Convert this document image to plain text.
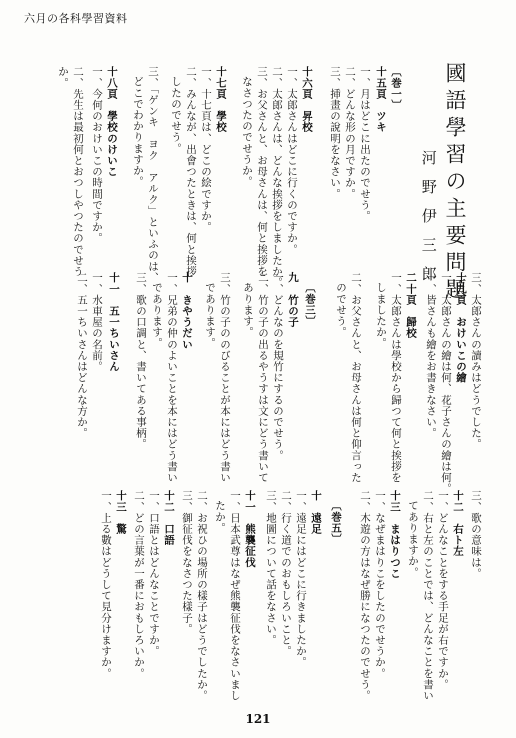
六月の各科學習資料
國語學習の主要問題
河野伊三郎
〔巻一〕
十五頁　ツキ
一、月はどこに出たのでせう。
二、どんな形の月ですか。
三、挿畫の說明をなさい。
十六頁　昇校
一、太郎さんはどこに行くのですか。
二、太郎さんは、どんな挨拶をしましたか。
三、お父さんと、お母さんは、何と挨拶を
なさつたのでせうか。
十七頁　學校
一、十七頁は、どこの絵ですか。
二、みんなが、出會つたときは、何と挨拶
したのでせう。
三、「ゲンキ　ヨク　アルク」といふのは、
どこでわかりますか。
十八頁　學校のけいこ
一、今何のおけいこの時間ですか。
二、先生は最初何とおつしやつたのでせう
か。
三、太郎さんの讀みはどうでした。
十九頁　おけいこの繪
一、太郎さんの繪は何、花子さんの繪は何。
一、皆さんも繪をお書きなさい。
二十頁　歸校
一、太郎さんは學校から歸つて何と挨拶を
しましたか。
二、お父さんと、お母さんは何と仰言った
のでせう。
〔巻三〕
九　竹の子
一、どんなのを規竹にするのでせう。
二、竹の子の出るやうすは文にどう書いて
あります。
三、竹の子ののびることが本にはどう書い
であります。
十　きやうだい
一、兄弟の仲のよいことを本にはどう書い
であります。
三、歌の口調と、書いてある事柄。
十一　五一ちいさん
一、水車屋の名前。
二、五一ちいさんはどんな方か。
三、歌の意味は。
十二　右ト左
一、どんなことをする手足が右ですか。
二、右と左のことでは、どんなことを書い
てありますか。
十三　まはりつこ
一、なぜまはりこをしたのでせうか。
二、木遊の方はなぜ勝になつたのでせう。
〔巻五〕
十　遠足
一、遠足にはどこに行きましたか。
二、行く道でのおもしろいこと。
三、地圖について話をなさい。
十一　熊襲征伐
一、日本武尊はなぜ熊襲征伐をなさいまし
たか。
二、お祝ひの場所の樣子はどうでしたか。
三、御征伐をなさつた樣子。
十二　口語
一、口語とはどんなことですか。
二、どの言葉が一番におもしろいか。
十三　驚
一、上る數はどうして見分けますか。
121
